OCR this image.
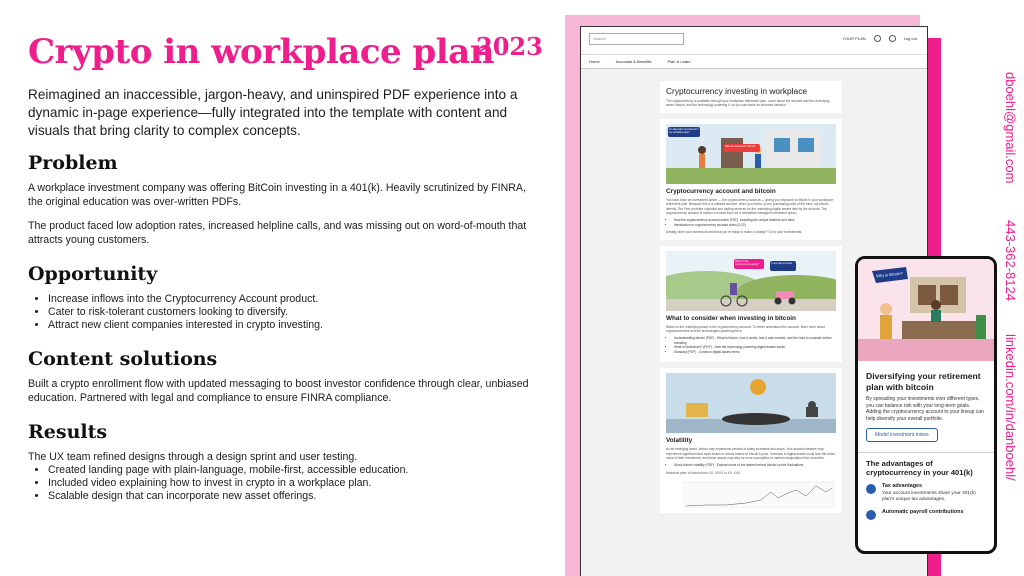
Crypto in workplace plan
2023
Reimagined an inaccessible, jargon-heavy, and uninspired PDF experience into a dynamic in-page experience—fully integrated into the template with content and visuals that bring clarity to complex concepts.
Problem
A workplace investment company was offering BitCoin investing in a 401(k). Heavily scrutinized by FINRA, the original education was over-written PDFs.
The product faced low adoption rates, increased helpline calls, and was missing out on word-of-mouth that attracts young customers.
Opportunity
• Increase inflows into the Cryptocurrency Account product.
• Cater to risk-tolerant customers looking to diversify.
• Attract new client companies interested in crypto investing.
Content solutions
Built a crypto enrollment flow with updated messaging to boost investor confidence through clear, unbiased education. Partnered with legal and compliance to ensure FINRA compliance.
Results
The UX team refined designs through a design sprint and user testing.
• Created landing page with plain-language, mobile-first, accessible education.
• Included video explaining how to invest in crypto in a workplace plan.
• Scalable design that can incorporate new asset offerings.
Search	YOUR PLAN	Log out
Home	Accounts & Benefits	Plan & Learn
Cryptocurrency investing in workplace
The cryptocurrency is available through your workplace retirement plan. Learn about the account and the underlying asset, bitcoin, and the technology powering it, so you can make an informed decision.
An alternative investment in my workplace plan!
Now we can invest in bitcoin!
Cryptocurrency account and bitcoin
You have have an investment option — the cryptocurrency account — giving you exposure to bitcoin in your workplace retirement plan. Because this is a unitized account, when you invest, you're purchasing units of the fund, not bitcoin directly. The Firm provides custodial and trading services for the underlying digital assets held by the account. The cryptocurrency account is neither a mutual fund nor a diversified managed investment option.
• How the cryptocurrency account works (PDF), including the unique features and risks
• Introduction to cryptocurrency account video (2:22)
Already done your homework and think you're ready to make a change? Go to your investments.
Where is the cryptocurrency going?	A new way to invest
What to consider when investing in bitcoin
Bitcoin is the underlying asset in the cryptocurrency account. To better understand the account, learn more about cryptocurrencies and the technologies powering them.
• Understanding bitcoin (PDF) - What is bitcoin, how it works, how it was created, and the risks to consider before investing
• What is blockchain? (PDF) - How the technology powering digital assets works
• Glossary (PDF) - Common digital assets terms
Volatility
As an emerging asset, bitcoin may experience periods of sharp increases and drops. Your account balance may experience significant and rapid losses in values based on bitcoin's price. Investors in digital assets could lose the entire value of their investment, and these assets may also be more susceptible to market manipulation than securities.
• About bitcoin volatility (PDF) - Explore some of the factors behind bitcoin's price fluctuations
Historical price of bitcoin from XX, XXXX to XX, XXX
Why is bitcoin?
Diversifying your retirement plan with bitcoin
By spreading your investments over different types, you can balance risk with your long-term goals. Adding the cryptocurrency account to your lineup can help diversify your overall portfolio.
Model investment mixes
The advantages of cryptocurrency in your 401(k)
Tax advantages
Your account investments share your 401(k) plan's unique tax advantages.
Automatic payroll contributions
dboehl@gmail.com
443-362-8124
linkedin.com/in/danboehl/
